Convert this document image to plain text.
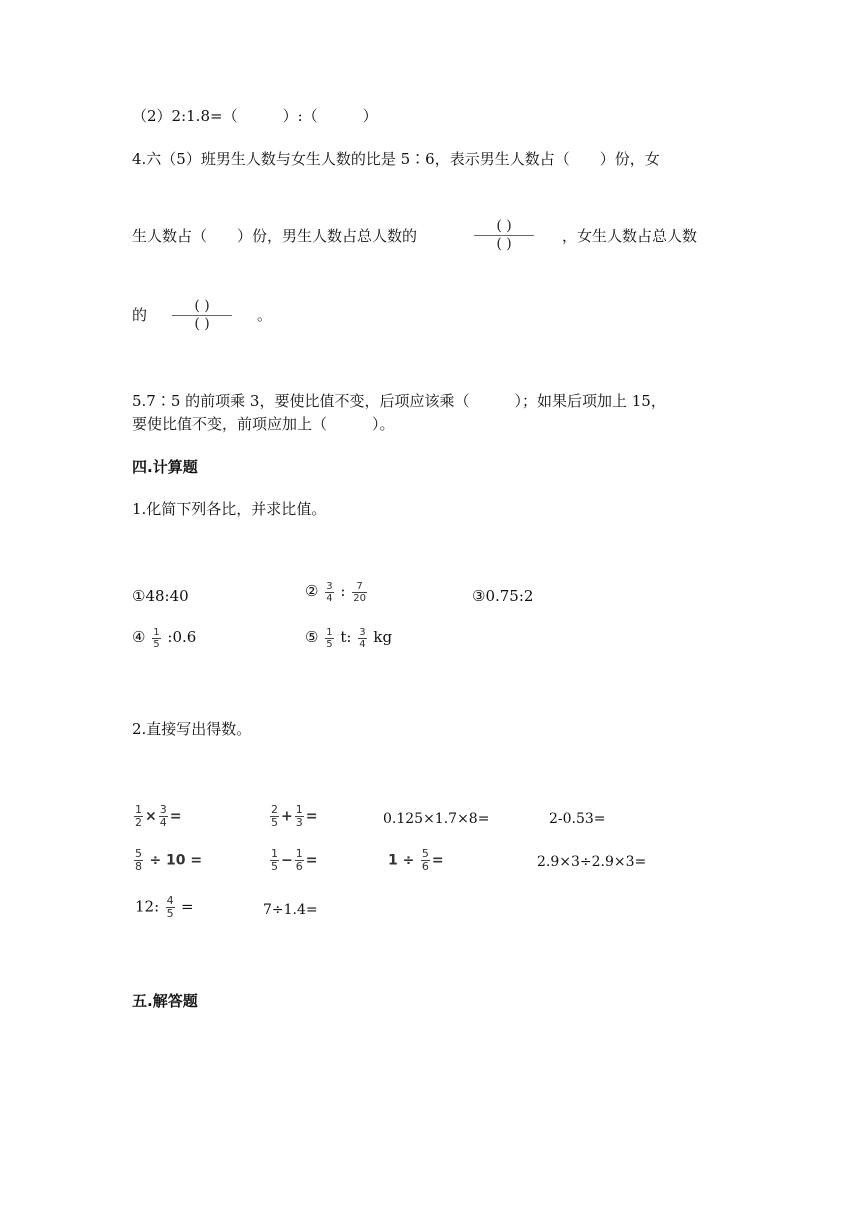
（2）2:1.8=（　　　）:（　　　）
4.六（5）班男生人数与女生人数的比是 5∶6，表示男生人数占（　　）份，女
生人数占（　　）份，男生人数占总人数的
( )
( )	，女生人数占总人数
的	( )
( )	。
5.7∶5 的前项乘 3，要使比值不变，后项应该乘（　　　）；如果后项加上 15，
要使比值不变，前项应加上（　　　）。
四.计算题
1.化简下列各比，并求比值。
①48:40	② $\frac{3}{4}$ : $\frac{7}{20}$	③0.75:2
④ $\frac{1}{5}$ :0.6	⑤ $\frac{1}{5} t$: $\frac{3}{4}$ kg
2.直接写出得数。
$\frac{1}{2} \times \frac{3}{4}$ =	$\frac{2}{5} + \frac{1}{3}$ =	0.125×1.7×8=	2-0.53=
$\frac{5}{8} \div 10$ =	$\frac{1}{5} - \frac{1}{6}$ =	$1 \div \frac{5}{6}$ =	2.9×3÷2.9×3=
12: $\frac{4}{5}$ =	7÷1.4=
五.解答题
